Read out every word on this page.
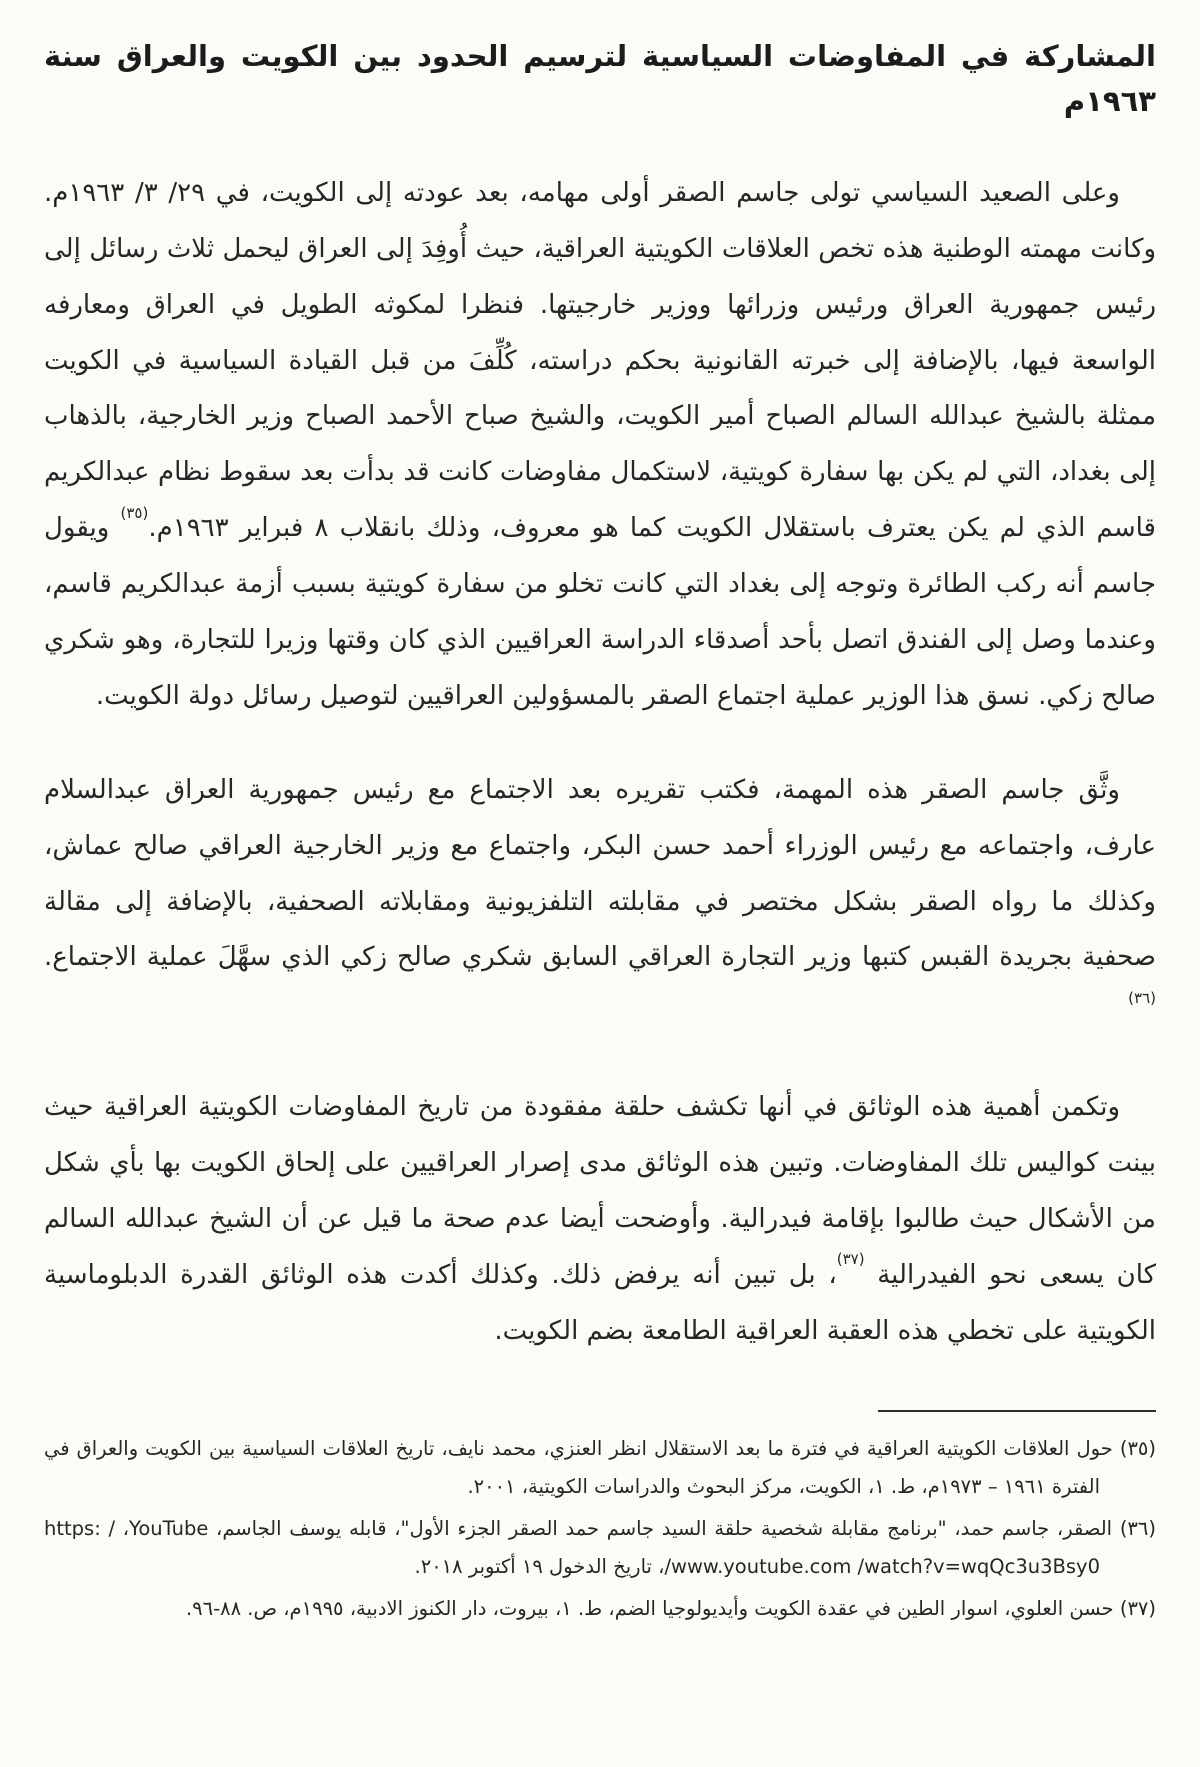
المشاركة في المفاوضات السياسية لترسيم الحدود بين الكويت والعراق سنة ١٩٦٣م

وعلى الصعيد السياسي تولى جاسم الصقر أولى مهامه، بعد عودته إلى الكويت، في ٢٩/ ٣/ ١٩٦٣م. وكانت مهمته الوطنية هذه تخص العلاقات الكويتية العراقية، حيث أُوفِدَ إلى العراق ليحمل ثلاث رسائل إلى رئيس جمهورية العراق ورئيس وزرائها ووزير خارجيتها. فنظرا لمكوثه الطويل في العراق ومعارفه الواسعة فيها، بالإضافة إلى خبرته القانونية بحكم دراسته، كُلِّفَ من قبل القيادة السياسية في الكويت ممثلة بالشيخ عبدالله السالم الصباح أمير الكويت، والشيخ صباح الأحمد الصباح وزير الخارجية، بالذهاب إلى بغداد، التي لم يكن بها سفارة كويتية، لاستكمال مفاوضات كانت قد بدأت بعد سقوط نظام عبدالكريم قاسم الذي لم يكن يعترف باستقلال الكويت كما هو معروف، وذلك بانقلاب ٨ فبراير ١٩٦٣م.$^{(٣٥)}$ ويقول جاسم أنه ركب الطائرة وتوجه إلى بغداد التي كانت تخلو من سفارة كويتية بسبب أزمة عبدالكريم قاسم، وعندما وصل إلى الفندق اتصل بأحد أصدقاء الدراسة العراقيين الذي كان وقتها وزيرا للتجارة، وهو شكري صالح زكي. نسق هذا الوزير عملية اجتماع الصقر بالمسؤولين العراقيين لتوصيل رسائل دولة الكويت.

وثَّق جاسم الصقر هذه المهمة، فكتب تقريره بعد الاجتماع مع رئيس جمهورية العراق عبدالسلام عارف، واجتماعه مع رئيس الوزراء أحمد حسن البكر، واجتماع مع وزير الخارجية العراقي صالح عماش، وكذلك ما رواه الصقر بشكل مختصر في مقابلته التلفزيونية ومقابلاته الصحفية، بالإضافة إلى مقالة صحفية بجريدة القبس كتبها وزير التجارة العراقي السابق شكري صالح زكي الذي سهَّلَ عملية الاجتماع.$^{(٣٦)}$

وتكمن أهمية هذه الوثائق في أنها تكشف حلقة مفقودة من تاريخ المفاوضات الكويتية العراقية حيث بينت كواليس تلك المفاوضات. وتبين هذه الوثائق مدى إصرار العراقيين على إلحاق الكويت بها بأي شكل من الأشكال حيث طالبوا بإقامة فيدرالية. وأوضحت أيضا عدم صحة ما قيل عن أن الشيخ عبدالله السالم كان يسعى نحو الفيدرالية $^{(٣٧)}$، بل تبين أنه يرفض ذلك. وكذلك أكدت هذه الوثائق القدرة الدبلوماسية الكويتية على تخطي هذه العقبة العراقية الطامعة بضم الكويت.

(٣٥) حول العلاقات الكويتية العراقية في فترة ما بعد الاستقلال انظر العنزي، محمد نايف، تاريخ العلاقات السياسية بين الكويت والعراق في الفترة ١٩٦١ – ١٩٧٣م، ط. ١، الكويت، مركز البحوث والدراسات الكويتية، ٢٠٠١.
(٣٦) الصقر، جاسم حمد، "برنامج مقابلة شخصية حلقة السيد جاسم حمد الصقر الجزء الأول"، قابله يوسف الجاسم، YouTube، https: / /www.youtube.com /watch?v=wqQc3u3Bsy0، تاريخ الدخول ١٩ أكتوبر ٢٠١٨.
(٣٧) حسن العلوي، اسوار الطين في عقدة الكويت وأيديولوجيا الضم، ط. ١، بيروت، دار الكنوز الادبية، ١٩٩٥م، ص. ٨٨-٩٦.
